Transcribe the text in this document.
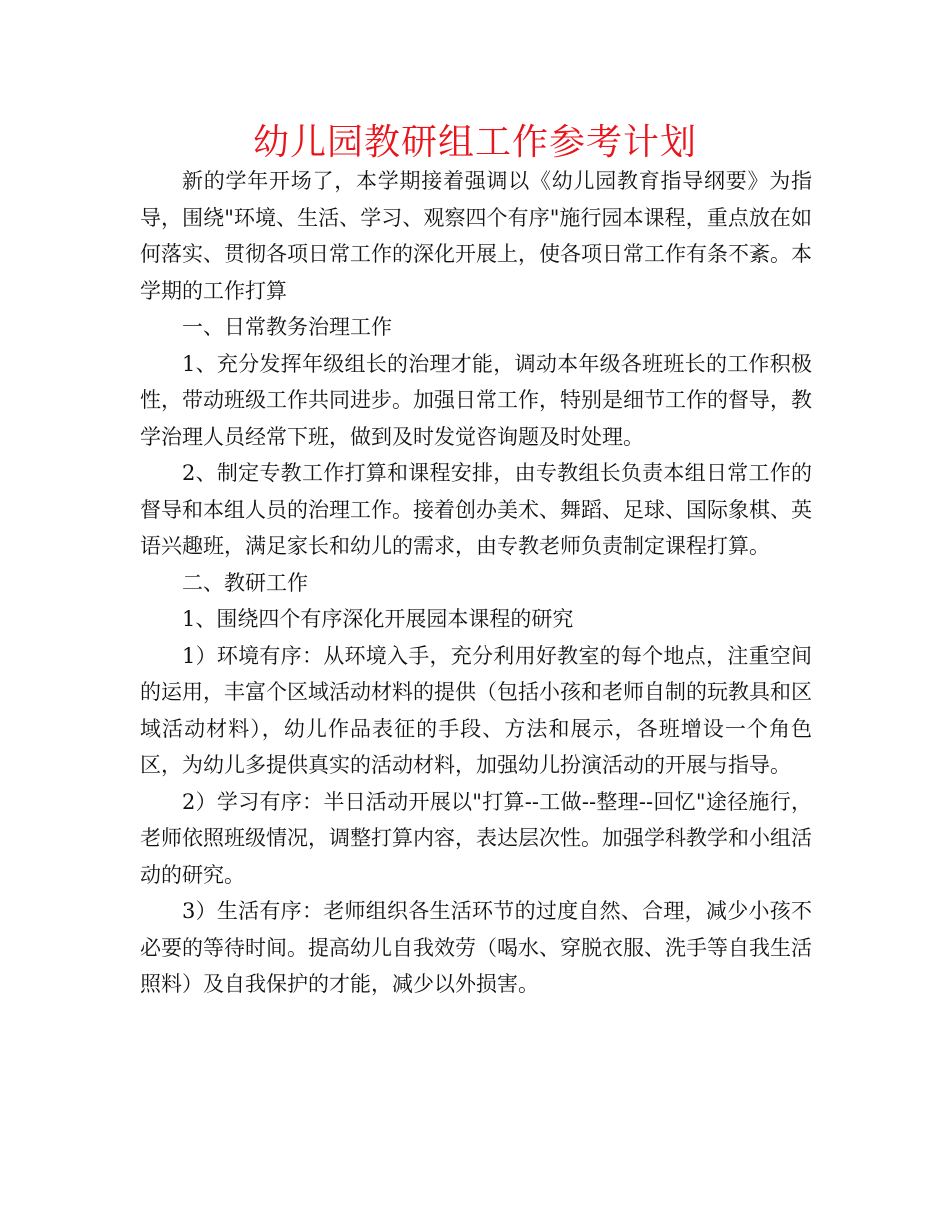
幼儿园教研组工作参考计划

新的学年开场了，本学期接着强调以《幼儿园教育指导纲要》为指导，围绕"环境、生活、学习、观察四个有序"施行园本课程，重点放在如何落实、贯彻各项日常工作的深化开展上，使各项日常工作有条不紊。本学期的工作打算

一、日常教务治理工作

1、充分发挥年级组长的治理才能，调动本年级各班班长的工作积极性，带动班级工作共同进步。加强日常工作，特别是细节工作的督导，教学治理人员经常下班，做到及时发觉咨询题及时处理。

2、制定专教工作打算和课程安排，由专教组长负责本组日常工作的督导和本组人员的治理工作。接着创办美术、舞蹈、足球、国际象棋、英语兴趣班，满足家长和幼儿的需求，由专教老师负责制定课程打算。

二、教研工作

1、围绕四个有序深化开展园本课程的研究

1）环境有序：从环境入手，充分利用好教室的每个地点，注重空间的运用，丰富个区域活动材料的提供（包括小孩和老师自制的玩教具和区域活动材料），幼儿作品表征的手段、方法和展示，各班增设一个角色区，为幼儿多提供真实的活动材料，加强幼儿扮演活动的开展与指导。

2）学习有序：半日活动开展以"打算--工做--整理--回忆"途径施行，老师依照班级情况，调整打算内容，表达层次性。加强学科教学和小组活动的研究。

3）生活有序：老师组织各生活环节的过度自然、合理，减少小孩不必要的等待时间。提高幼儿自我效劳（喝水、穿脱衣服、洗手等自我生活照料）及自我保护的才能，减少以外损害。
